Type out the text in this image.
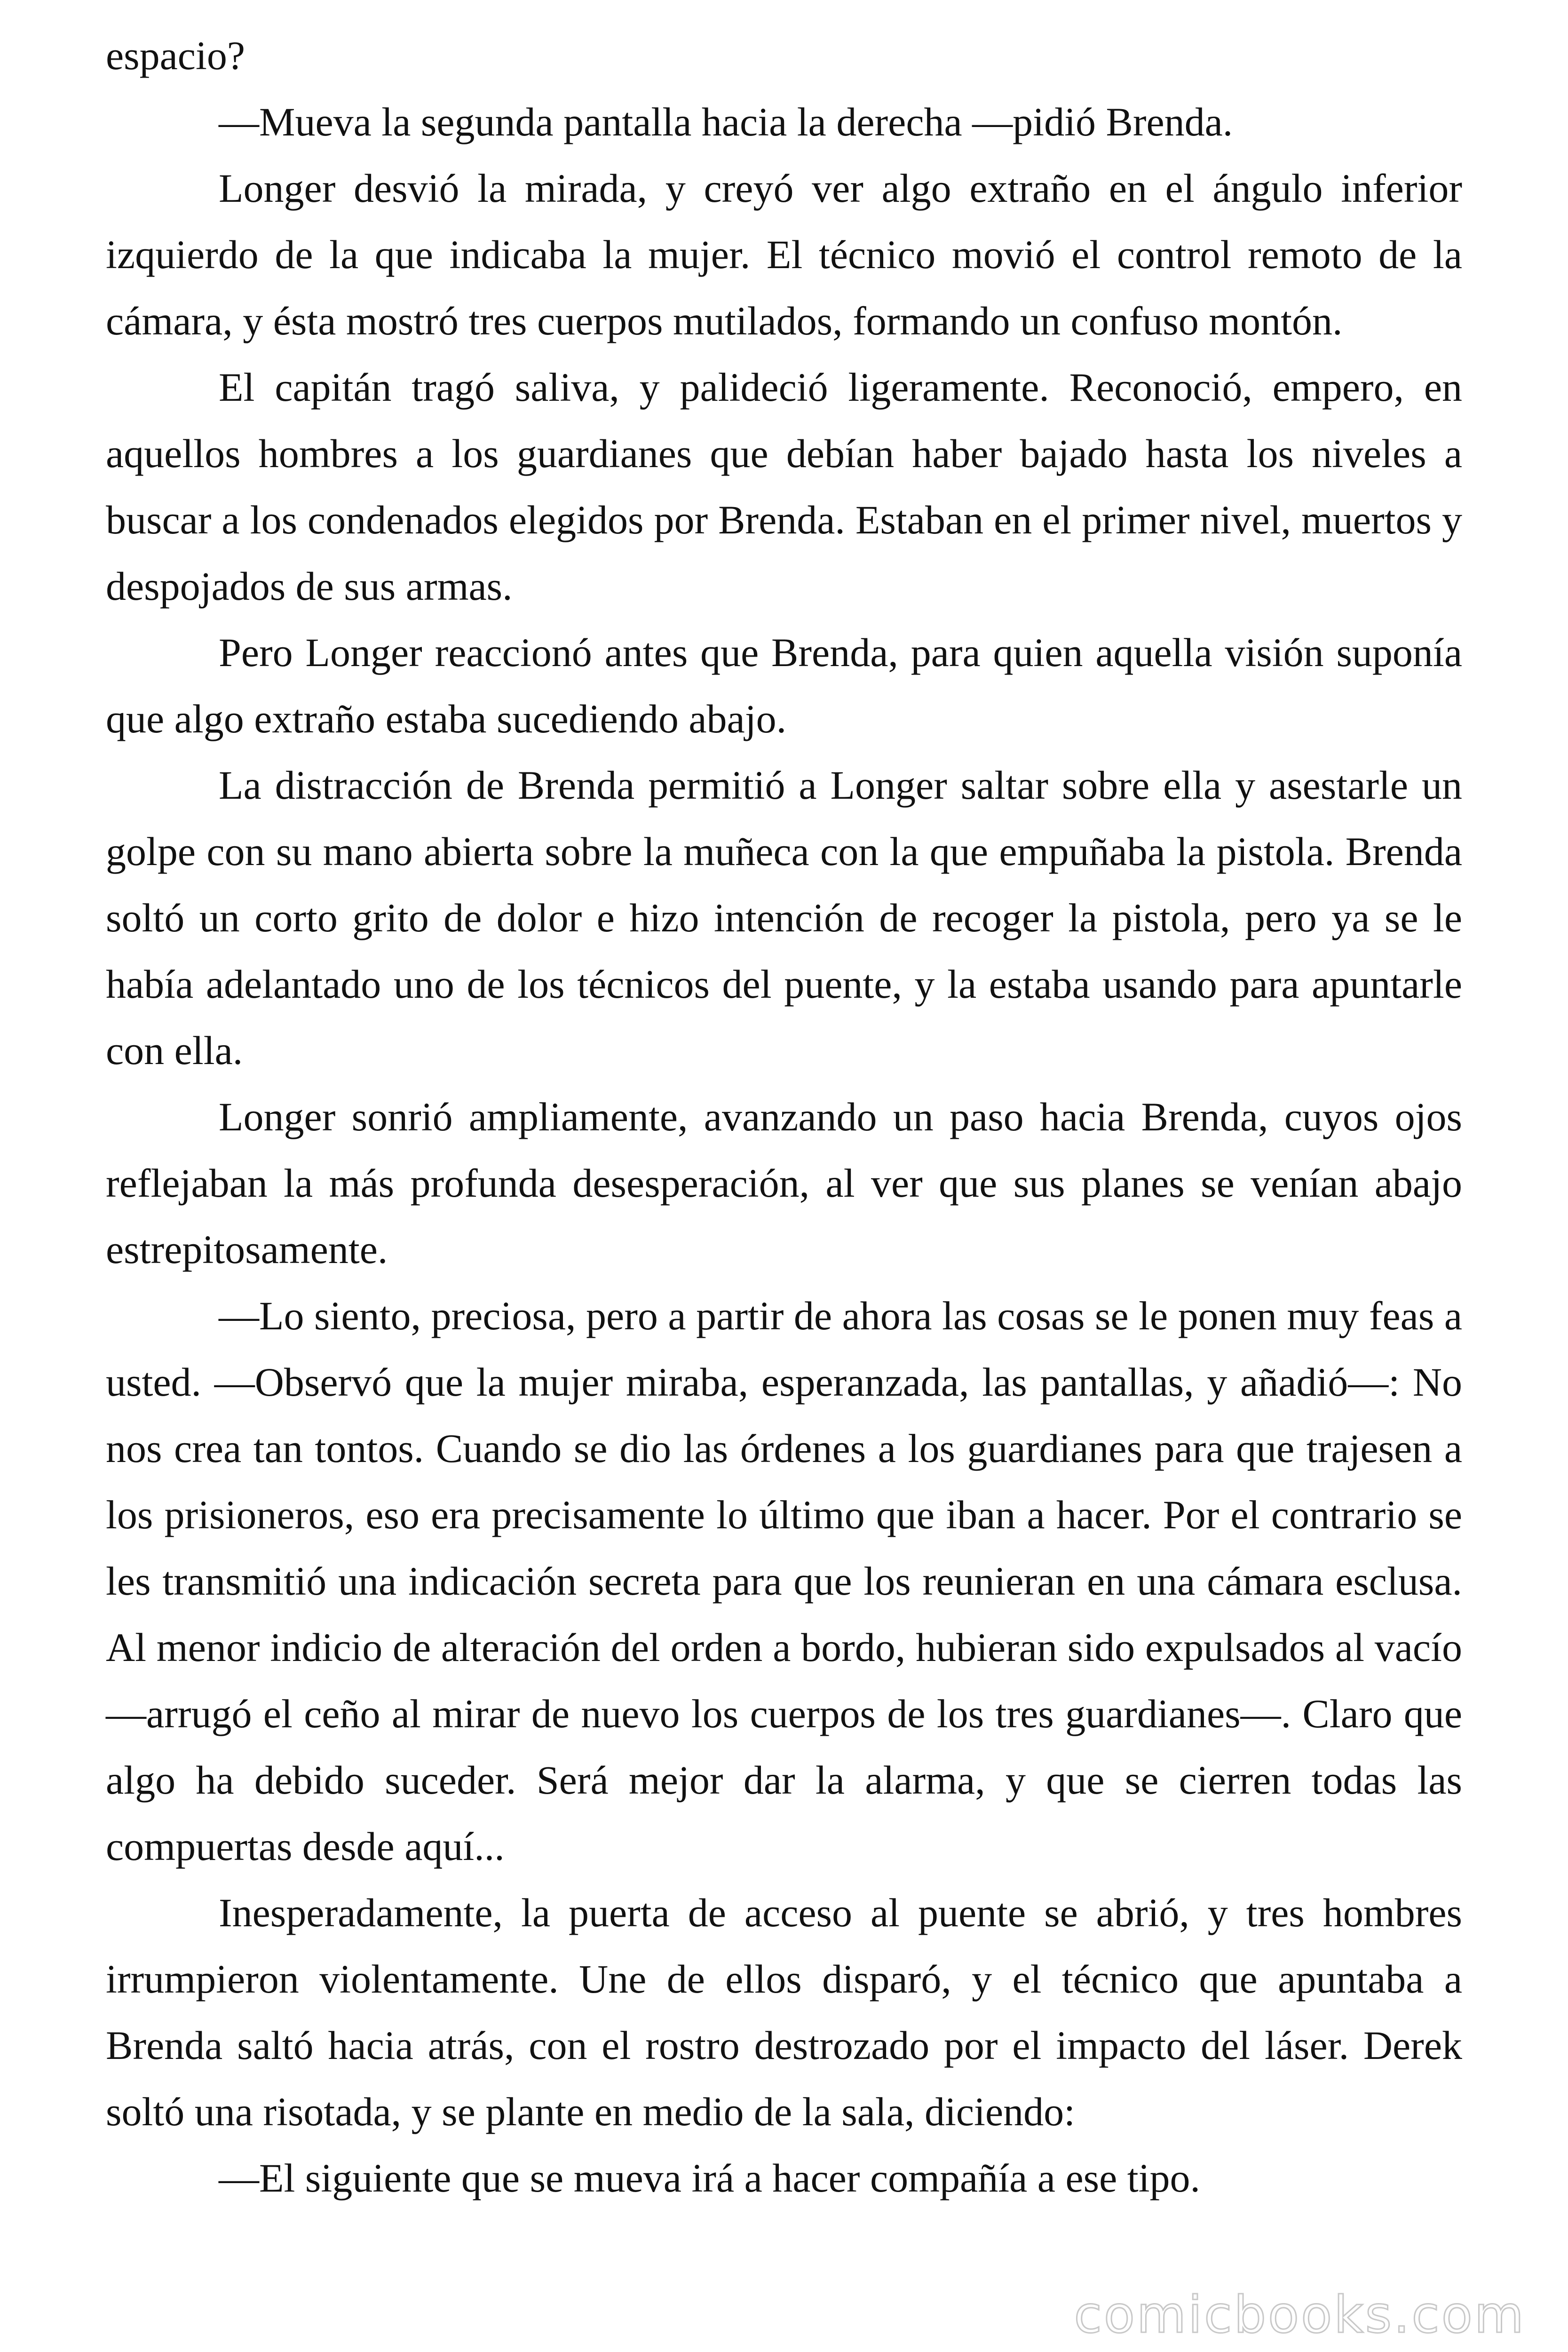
espacio?

—Mueva la segunda pantalla hacia la derecha —pidió Brenda.

Longer desvió la mirada, y creyó ver algo extraño en el ángulo inferior izquierdo de la que indicaba la mujer. El técnico movió el control remoto de la cámara, y ésta mostró tres cuerpos mutilados, formando un confuso montón.

El capitán tragó saliva, y palideció ligeramente. Reconoció, empero, en aquellos hombres a los guardianes que debían haber bajado hasta los niveles a buscar a los condenados elegidos por Brenda. Estaban en el primer nivel, muertos y despojados de sus armas.

Pero Longer reaccionó antes que Brenda, para quien aquella visión suponía que algo extraño estaba sucediendo abajo.

La distracción de Brenda permitió a Longer saltar sobre ella y asestarle un golpe con su mano abierta sobre la muñeca con la que empuñaba la pistola. Brenda soltó un corto grito de dolor e hizo intención de recoger la pistola, pero ya se le había adelantado uno de los técnicos del puente, y la estaba usando para apuntarle con ella.

Longer sonrió ampliamente, avanzando un paso hacia Brenda, cuyos ojos reflejaban la más profunda desesperación, al ver que sus planes se venían abajo estrepitosamente.

—Lo siento, preciosa, pero a partir de ahora las cosas se le ponen muy feas a usted. —Observó que la mujer miraba, esperanzada, las pantallas, y añadió—: No nos crea tan tontos. Cuando se dio las órdenes a los guardianes para que trajesen a los prisioneros, eso era precisamente lo último que iban a hacer. Por el contrario se les transmitió una indicación secreta para que los reunieran en una cámara esclusa. Al menor indicio de alteración del orden a bordo, hubieran sido expulsados al vacío —arrugó el ceño al mirar de nuevo los cuerpos de los tres guardianes—. Claro que algo ha debido suceder. Será mejor dar la alarma, y que se cierren todas las compuertas desde aquí...

Inesperadamente, la puerta de acceso al puente se abrió, y tres hombres irrumpieron violentamente. Une de ellos disparó, y el técnico que apuntaba a Brenda saltó hacia atrás, con el rostro destrozado por el impacto del láser. Derek soltó una risotada, y se plante en medio de la sala, diciendo:

—El siguiente que se mueva irá a hacer compañía a ese tipo.

comicbooks.com
